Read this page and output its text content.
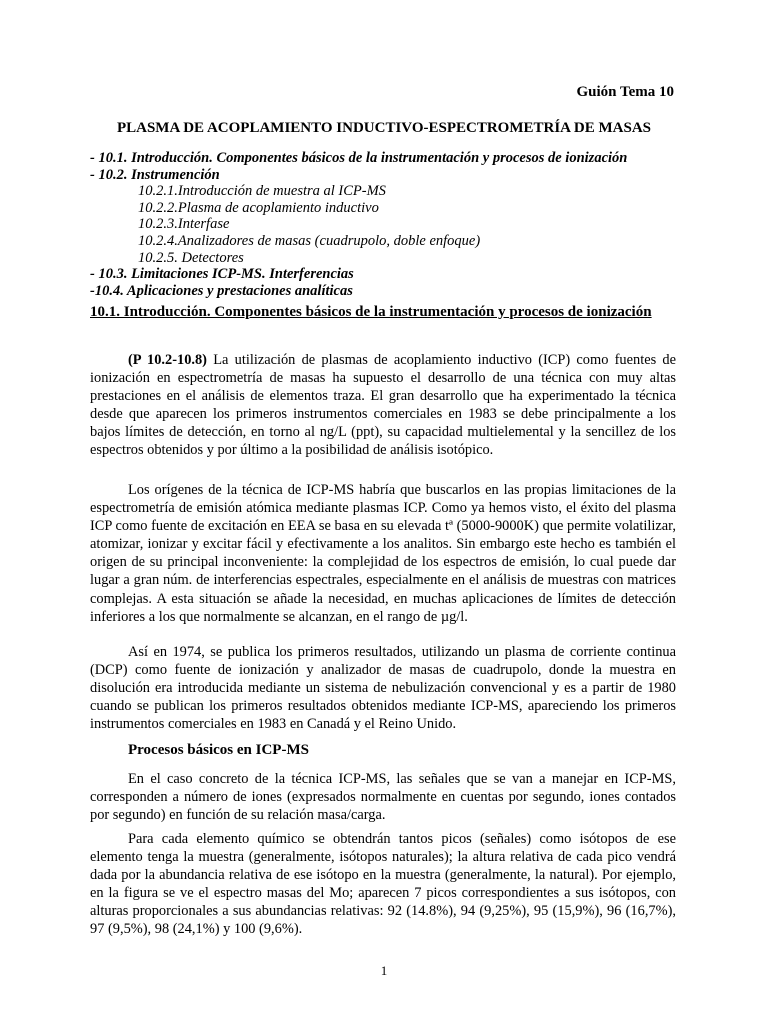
Guión Tema 10
PLASMA DE ACOPLAMIENTO INDUCTIVO-ESPECTROMETRÍA DE MASAS
- 10.1. Introducción. Componentes básicos de la instrumentación y procesos de ionización
- 10.2. Instrumención
10.2.1.Introducción de muestra al ICP-MS
10.2.2.Plasma de acoplamiento inductivo
10.2.3.Interfase
10.2.4.Analizadores de masas (cuadrupolo, doble enfoque)
10.2.5. Detectores
- 10.3. Limitaciones ICP-MS. Interferencias
-10.4. Aplicaciones y prestaciones analíticas
10.1. Introducción. Componentes básicos de la instrumentación y procesos de ionización
(P 10.2-10.8) La utilización de plasmas de acoplamiento inductivo (ICP) como fuentes de ionización en espectrometría de masas ha supuesto el desarrollo de una técnica con muy altas prestaciones en el análisis de elementos traza. El gran desarrollo que ha experimentado la técnica desde que aparecen los primeros instrumentos comerciales en 1983 se debe principalmente a los bajos límites de detección, en torno al ng/L (ppt), su capacidad multielemental y la sencillez de los espectros obtenidos y por último a la posibilidad de análisis isotópico.
Los orígenes de la técnica de ICP-MS habría que buscarlos en las propias limitaciones de la espectrometría de emisión atómica mediante plasmas ICP. Como ya hemos visto, el éxito del plasma ICP como fuente de excitación en EEA se basa en su elevada tª (5000-9000K) que permite volatilizar, atomizar, ionizar y excitar fácil y efectivamente a los analitos. Sin embargo este hecho es también el origen de su principal inconveniente: la complejidad de los espectros de emisión, lo cual puede dar lugar a gran núm. de interferencias espectrales, especialmente en el análisis de muestras con matrices complejas. A esta situación se añade la necesidad, en muchas aplicaciones de límites de detección inferiores a los que normalmente se alcanzan, en el rango de µg/l.
Así en 1974, se publica los primeros resultados, utilizando un plasma de corriente continua (DCP) como fuente de ionización y analizador de masas de cuadrupolo, donde la muestra en disolución era introducida mediante un sistema de nebulización convencional y es a partir de 1980 cuando se publican los primeros resultados obtenidos mediante ICP-MS, apareciendo los primeros instrumentos comerciales en 1983 en Canadá y el Reino Unido.
Procesos básicos en ICP-MS
En el caso concreto de la técnica ICP-MS, las señales que se van a manejar en ICP-MS, corresponden a número de iones (expresados normalmente en cuentas por segundo, iones contados por segundo) en función de su relación masa/carga.
Para cada elemento químico se obtendrán tantos picos (señales) como isótopos de ese elemento tenga la muestra (generalmente, isótopos naturales); la altura relativa de cada pico vendrá dada por la abundancia relativa de ese isótopo en la muestra (generalmente, la natural). Por ejemplo, en la figura se ve el espectro masas del Mo; aparecen 7 picos correspondientes a sus isótopos, con alturas proporcionales a sus abundancias relativas: 92 (14.8%), 94 (9,25%), 95 (15,9%), 96 (16,7%), 97 (9,5%), 98 (24,1%) y 100 (9,6%).
1
